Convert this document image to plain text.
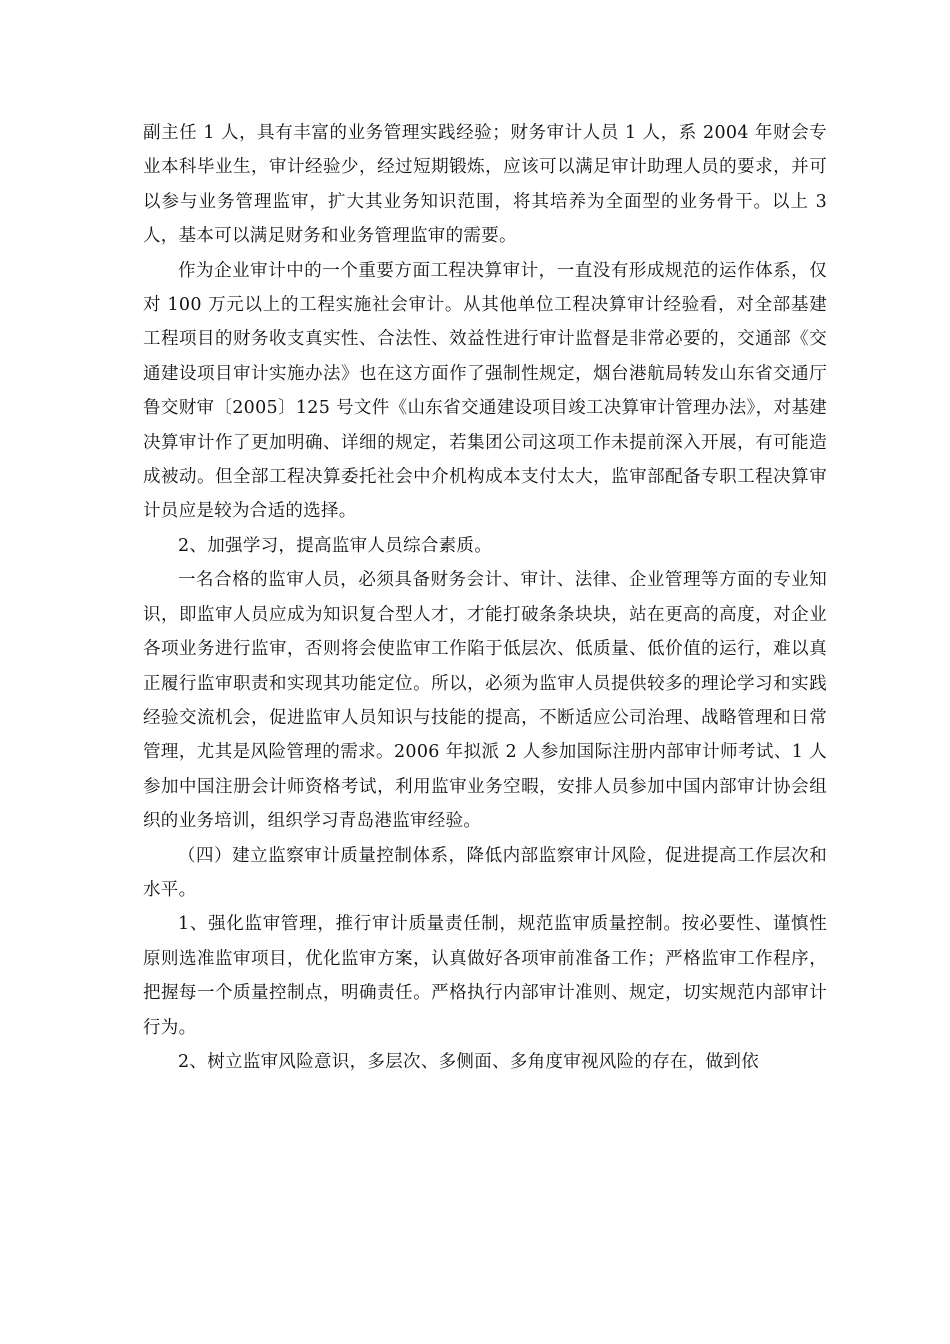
副主任 1 人，具有丰富的业务管理实践经验；财务审计人员 1 人，系 2004 年财会专业本科毕业生，审计经验少，经过短期锻炼，应该可以满足审计助理人员的要求，并可以参与业务管理监审，扩大其业务知识范围，将其培养为全面型的业务骨干。以上 3 人，基本可以满足财务和业务管理监审的需要。

作为企业审计中的一个重要方面工程决算审计，一直没有形成规范的运作体系，仅对 100 万元以上的工程实施社会审计。从其他单位工程决算审计经验看，对全部基建工程项目的财务收支真实性、合法性、效益性进行审计监督是非常必要的，交通部《交通建设项目审计实施办法》也在这方面作了强制性规定，烟台港航局转发山东省交通厅鲁交财审〔2005〕125 号文件《山东省交通建设项目竣工决算审计管理办法》，对基建决算审计作了更加明确、详细的规定，若集团公司这项工作未提前深入开展，有可能造成被动。但全部工程决算委托社会中介机构成本支付太大，监审部配备专职工程决算审计员应是较为合适的选择。

2、加强学习，提高监审人员综合素质。

一名合格的监审人员，必须具备财务会计、审计、法律、企业管理等方面的专业知识，即监审人员应成为知识复合型人才，才能打破条条块块，站在更高的高度，对企业各项业务进行监审，否则将会使监审工作陷于低层次、低质量、低价值的运行，难以真正履行监审职责和实现其功能定位。所以，必须为监审人员提供较多的理论学习和实践经验交流机会，促进监审人员知识与技能的提高，不断适应公司治理、战略管理和日常管理，尤其是风险管理的需求。2006 年拟派 2 人参加国际注册内部审计师考试、1 人参加中国注册会计师资格考试，利用监审业务空暇，安排人员参加中国内部审计协会组织的业务培训，组织学习青岛港监审经验。

（四）建立监察审计质量控制体系，降低内部监察审计风险，促进提高工作层次和水平。

1、强化监审管理，推行审计质量责任制，规范监审质量控制。按必要性、谨慎性原则选准监审项目，优化监审方案，认真做好各项审前准备工作；严格监审工作程序，把握每一个质量控制点，明确责任。严格执行内部审计准则、规定，切实规范内部审计行为。

2、树立监审风险意识，多层次、多侧面、多角度审视风险的存在，做到依
